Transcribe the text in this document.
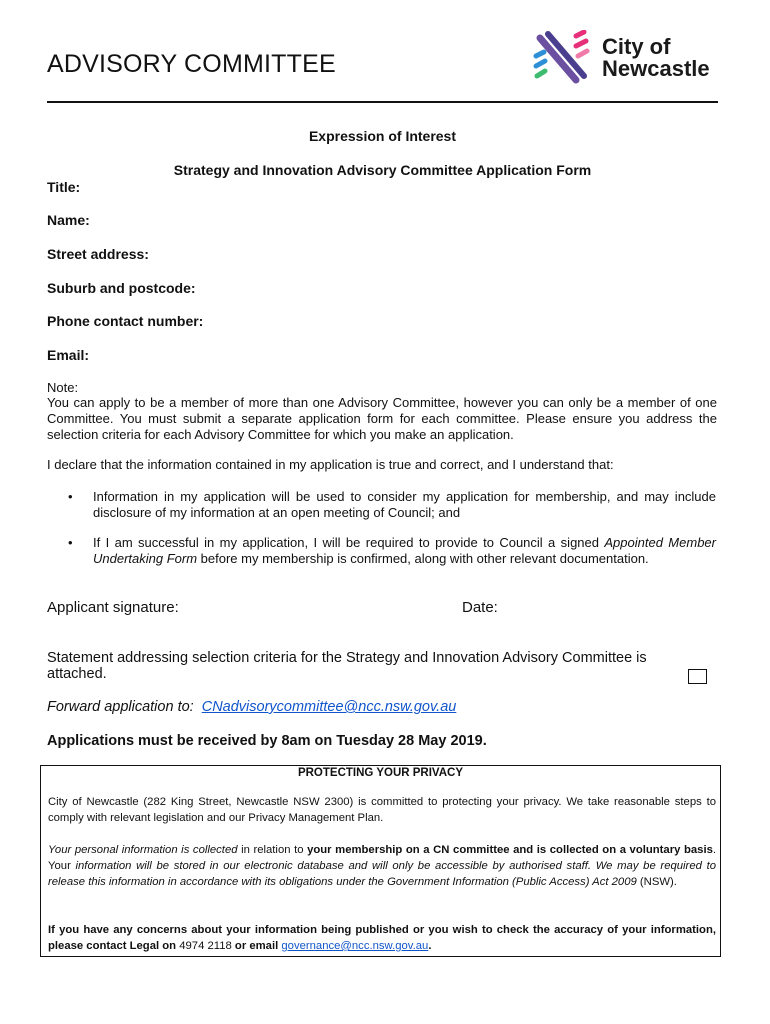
ADVISORY COMMITTEE
City of
Newcastle
Expression of Interest
Strategy and Innovation Advisory Committee Application Form
Title:
Name:
Street address:
Suburb and postcode:
Phone contact number:
Email:
Note:
You can apply to be a member of more than one Advisory Committee, however you can only be a member of one Committee. You must submit a separate application form for each committee. Please ensure you address the selection criteria for each Advisory Committee for which you make an application.
I declare that the information contained in my application is true and correct, and I understand that:
• Information in my application will be used to consider my application for membership, and may include disclosure of my information at an open meeting of Council; and
• If I am successful in my application, I will be required to provide to Council a signed Appointed Member Undertaking Form before my membership is confirmed, along with other relevant documentation.
Applicant signature:	Date:
Statement addressing selection criteria for the Strategy and Innovation Advisory Committee is attached.
Forward application to: CNadvisorycommittee@ncc.nsw.gov.au
Applications must be received by 8am on Tuesday 28 May 2019.
PROTECTING YOUR PRIVACY
City of Newcastle (282 King Street, Newcastle NSW 2300) is committed to protecting your privacy. We take reasonable steps to comply with relevant legislation and our Privacy Management Plan.
Your personal information is collected in relation to your membership on a CN committee and is collected on a voluntary basis. Your information will be stored in our electronic database and will only be accessible by authorised staff. We may be required to release this information in accordance with its obligations under the Government Information (Public Access) Act 2009 (NSW).
If you have any concerns about your information being published or you wish to check the accuracy of your information, please contact Legal on 4974 2118 or email governance@ncc.nsw.gov.au.
